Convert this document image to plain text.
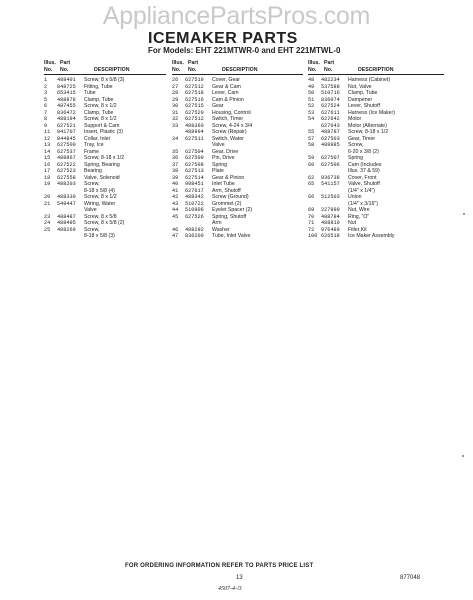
AppliancePartsPros.com
ICEMAKER PARTS
For Models: EHT 221MTWR-0 and EHT 221MTWL-0
Illus.
No.
Part
No.	DESCRIPTION
1 488401 Screw, 8 x 5/8 (3)
2 848725 Fitting, Tube
3 653415 Tube
5 488878 Clamp, Tube
6 487455 Screw, 8 x 1/2
7 836472 Clamp, Tube
8 488194 Screw, 8 x 1/2
9 627521 Support & Cam
11 841707 Insert, Plastic (3)
12 844845 Collar, Inlet
13 627500 Tray, Ice
14 627537 Frame
15 488867 Screw, 8-18 x 1/2
16 627522 Spring, Bearing
17 627523 Bearing
18 627558 Valve, Solenoid
19 488203 Screw,
8-18 x 5/8 (4)
20 488330 Screw, 8 x 1/2
21 549447 Wiring, Water
Valve
23 488487 Screw, 8 x 5/8
24 488495 Screw, 8 x 5/8 (2)
25 488269 Screw,
8-18 x 5/8 (3)
Illus.
No.
Part
No.	DESCRIPTION
26 627519 Cover, Gear
27 627512 Gear & Cam
28 627518 Lever, Cam
29 627516 Cam & Pinion
30 627515 Gear
31 627520 Housing, Control
32 627512 Switch, Timer
33 488360 Screw, 4-24 x 3/4
488994 Screw (Repair)
34 627511 Switch, Water
Valve
35 627504 Gear, Drive
36 627509 Pin, Drive
37 627508 Spring
38 627513 Plate
39 627514 Gear & Pinion
40 988451 Inlet Tube
41 627617 Arm, Shutoff
42 488342 Screw (Ground)
43 510722 Grommet (2)
44 510906 Eyelet Spacer (2)
45 627526 Spring, Shutoff
Arm
46 488292 Washer
47 836200 Tube, Inlet Valve
Illus.
No.
Part
No.	DESCRIPTION
48 482234 Harness (Cabinet)
49 537588 Nut, Valve
50 510716 Clamp, Tube
51 836074 Dampener
52 627524 Lever, Shutoff
53 627611 Harness (Ice Maker)
54 627642 Motor
627643 Motor (Alternate)
55 488787 Screw, 8-18 x 1/2
57 627503 Gear, Timer
58 488985 Screw,
6-20 x 3/8 (2)
59 627507 Spring
60 627506 Cam (Includes
Illus. 37 & 59)
62 936738 Cover, Front
65 541157 Valve, Shutoff
(1/4" x 1/4")
66 512503 Union
(1/4" x 3/16")
69 227999 Nut, Wire
70 488784 Ring, "O"
71 488810 Nut
72 976489 Filter,Kit
100 626518 Ice Maker Assembly
FOR ORDERING INFORMATION REFER TO PARTS PRICE LIST
13	877048
4507-4-/3
